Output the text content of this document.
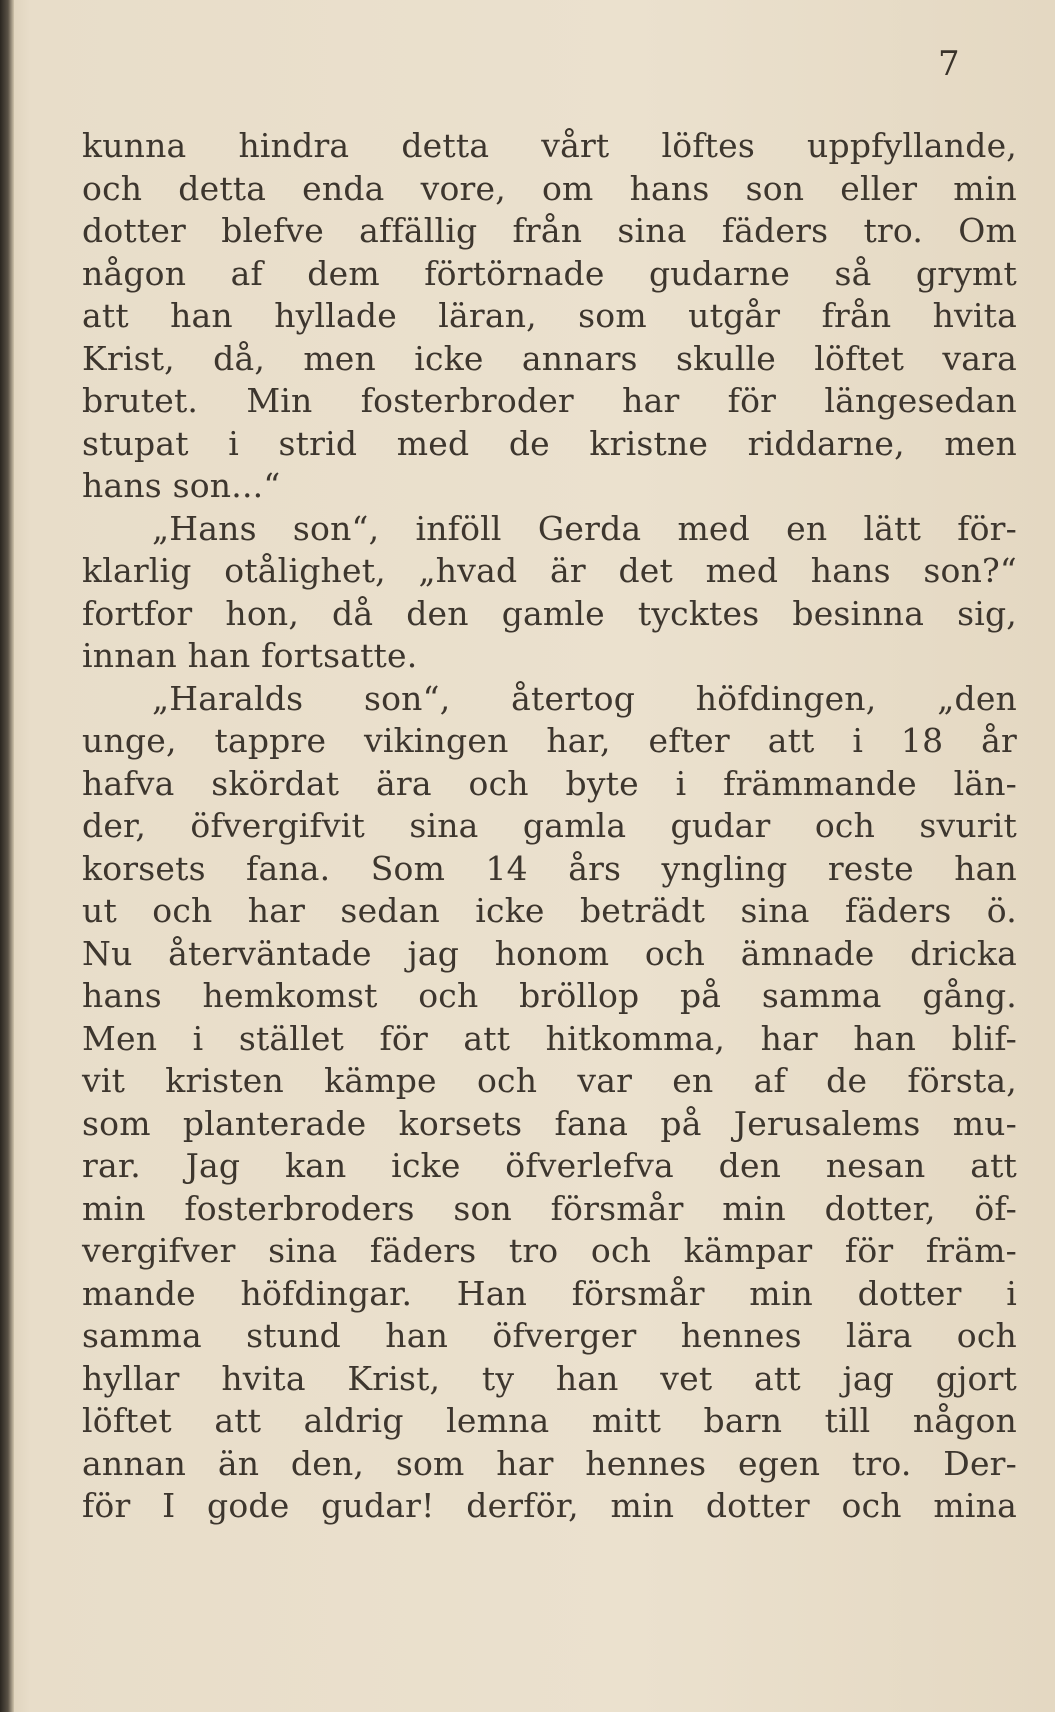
7
kunna hindra detta vårt löftes uppfyllande,
och detta enda vore, om hans son eller min
dotter blefve affällig från sina fäders tro. Om
någon af dem förtörnade gudarne så grymt
att han hyllade läran, som utgår från hvita
Krist, då, men icke annars skulle löftet vara
brutet. Min fosterbroder har för längesedan
stupat i strid med de kristne riddarne, men
hans son...“
„Hans son“, inföll Gerda med en lätt för-
klarlig otålighet, „hvad är det med hans son?“
fortfor hon, då den gamle tycktes besinna sig,
innan han fortsatte.
„Haralds son“, återtog höfdingen, „den
unge, tappre vikingen har, efter att i 18 år
hafva skördat ära och byte i främmande län-
der, öfvergifvit sina gamla gudar och svurit
korsets fana. Som 14 års yngling reste han
ut och har sedan icke beträdt sina fäders ö.
Nu återväntade jag honom och ämnade dricka
hans hemkomst och bröllop på samma gång.
Men i stället för att hitkomma, har han blif-
vit kristen kämpe och var en af de första,
som planterade korsets fana på Jerusalems mu-
rar. Jag kan icke öfverlefva den nesan att
min fosterbroders son försmår min dotter, öf-
vergifver sina fäders tro och kämpar för främ-
mande höfdingar. Han försmår min dotter i
samma stund han öfverger hennes lära och
hyllar hvita Krist, ty han vet att jag gjort
löftet att aldrig lemna mitt barn till någon
annan än den, som har hennes egen tro. Der-
för I gode gudar! derför, min dotter och mina
